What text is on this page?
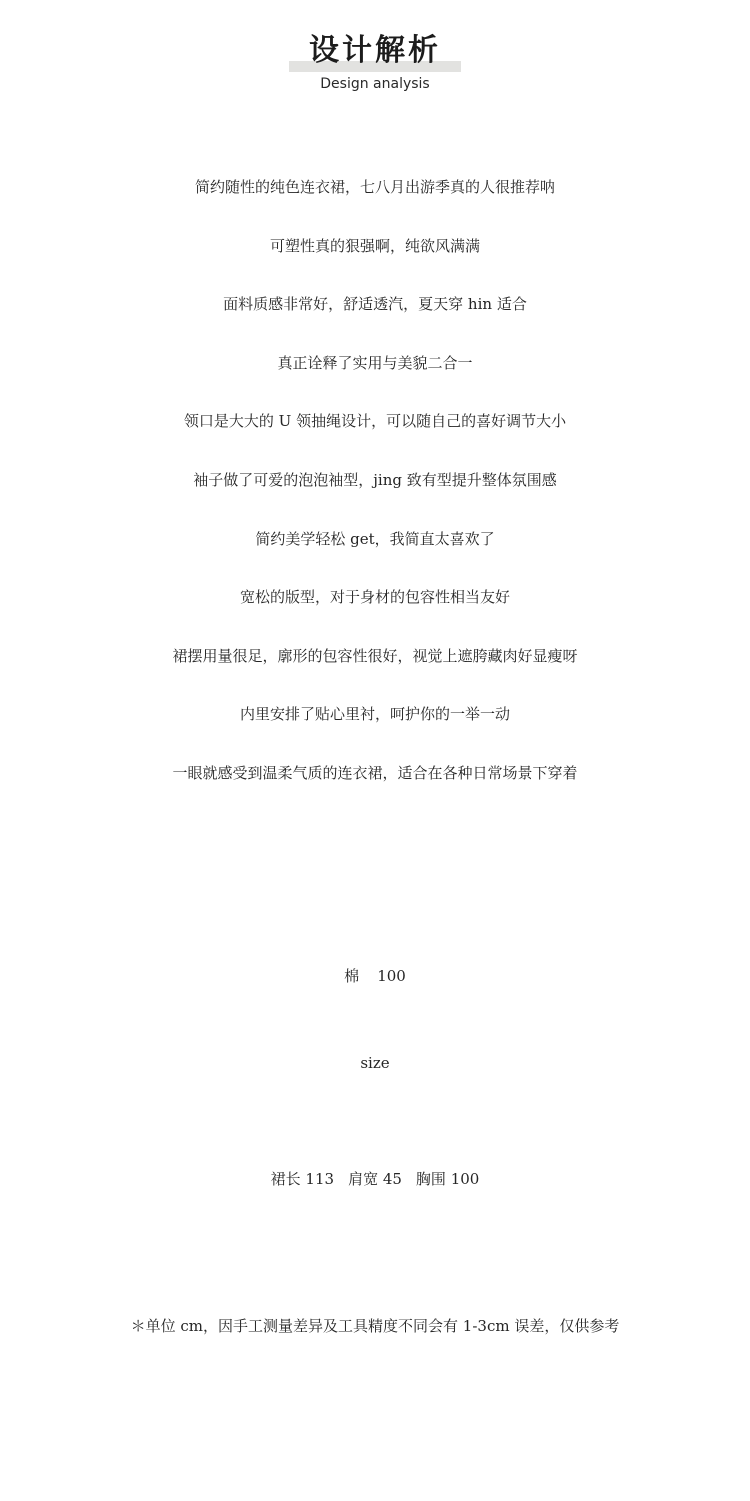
设计解析
Design analysis
简约随性的纯色连衣裙，七八月出游季真的人很推荐呐
可塑性真的狠强啊，纯欲风满满
面料质感非常好，舒适透汽，夏天穿 hin 适合
真正诠释了实用与美貌二合一
领口是大大的 U 领抽绳设计，可以随自己的喜好调节大小
袖子做了可爱的泡泡袖型，jing 致有型提升整体氛围感
简约美学轻松 get，我简直太喜欢了
宽松的版型，对于身材的包容性相当友好
裙摆用量很足，廓形的包容性很好，视觉上遮胯藏肉好显瘦呀
内里安排了贴心里衬，呵护你的一举一动
一眼就感受到温柔气质的连衣裙，适合在各种日常场景下穿着
棉 100
size
裙长 113 肩宽 45 胸围 100
＊单位 cm，因手工测量差异及工具精度不同会有 1-3cm 误差，仅供参考
